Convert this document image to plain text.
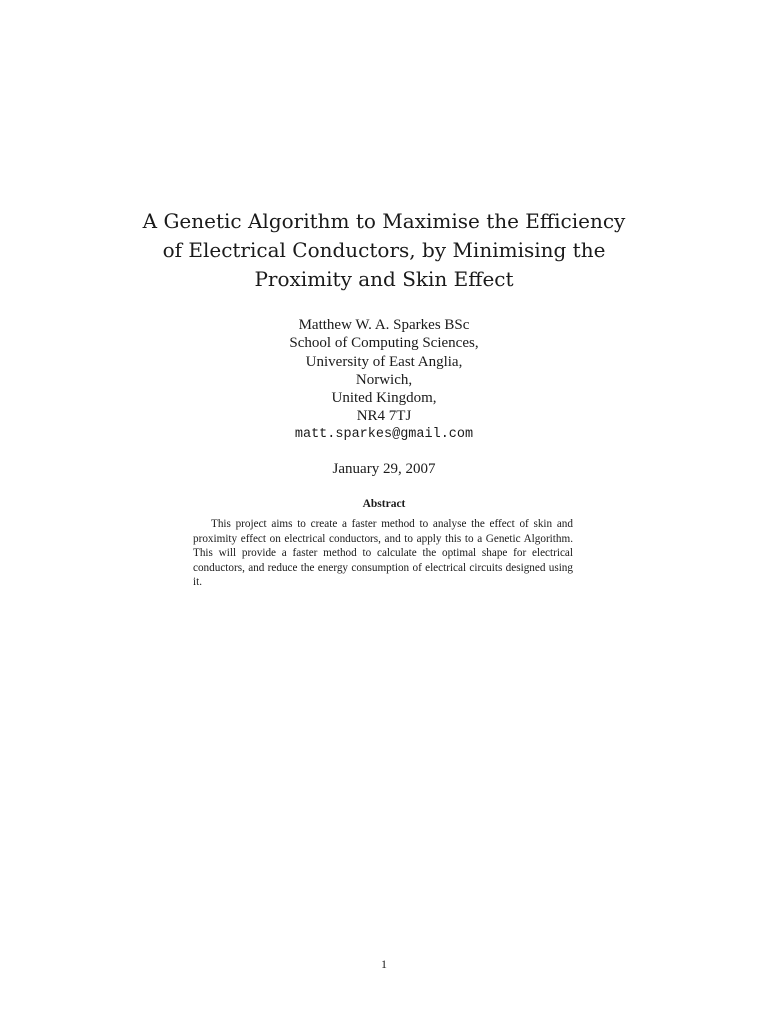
A Genetic Algorithm to Maximise the Efficiency
of Electrical Conductors, by Minimising the
Proximity and Skin Effect
Matthew W. A. Sparkes BSc
School of Computing Sciences,
University of East Anglia,
Norwich,
United Kingdom,
NR4 7TJ
matt.sparkes@gmail.com
January 29, 2007
Abstract

This project aims to create a faster method to analyse the effect of skin and proximity effect on electrical conductors, and to apply this to a Genetic Algorithm. This will provide a faster method to calculate the optimal shape for electrical conductors, and reduce the energy consumption of electrical circuits designed using it.

1
